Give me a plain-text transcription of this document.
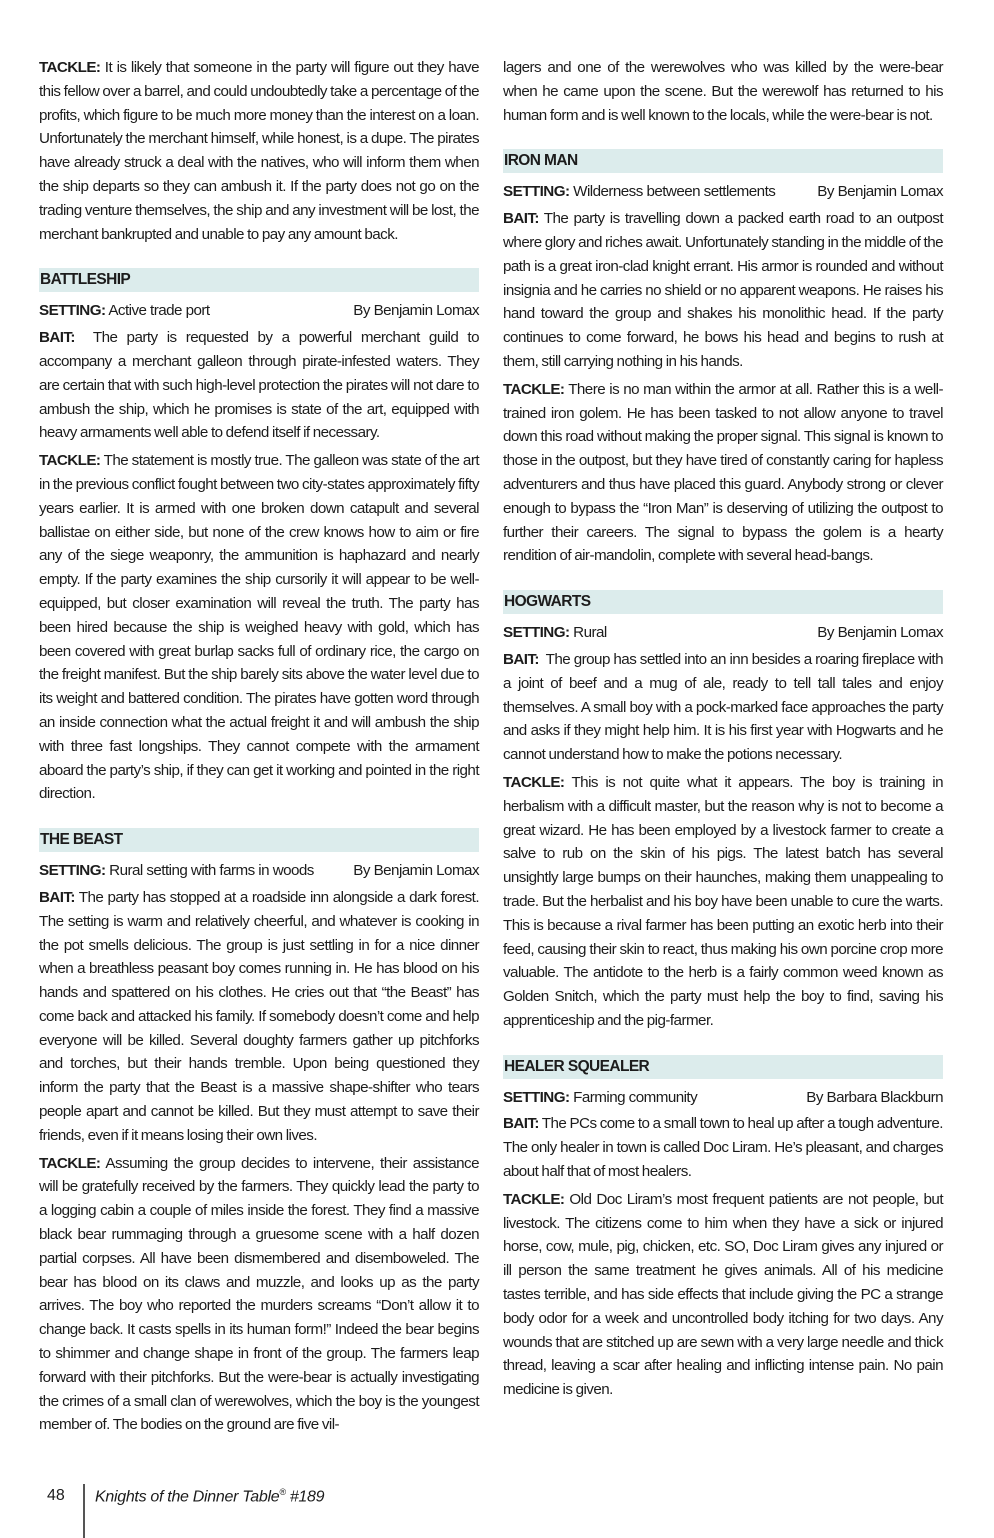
TACKLE: It is likely that someone in the party will figure out they have this fellow over a barrel, and could undoubtedly take a percentage of the profits, which figure to be much more money than the interest on a loan. Unfortunately the merchant himself, while honest, is a dupe. The pirates have already struck a deal with the natives, who will inform them when the ship departs so they can ambush it. If the party does not go on the trading venture themselves, the ship and any investment will be lost, the merchant bankrupted and unable to pay any amount back.

BATTLESHIP
SETTING: Active trade port	By Benjamin Lomax

BAIT: The party is requested by a powerful merchant guild to accompany a merchant galleon through pirate-infested waters. They are certain that with such high-level protection the pirates will not dare to ambush the ship, which he promises is state of the art, equipped with heavy armaments well able to defend itself if necessary.

TACKLE: The statement is mostly true. The galleon was state of the art in the previous conflict fought between two city-states approximately fifty years earlier. It is armed with one broken down catapult and several ballistae on either side, but none of the crew knows how to aim or fire any of the siege weaponry, the ammunition is haphazard and nearly empty. If the party examines the ship cursorily it will appear to be well-equipped, but closer examination will reveal the truth. The party has been hired because the ship is weighed heavy with gold, which has been covered with great burlap sacks full of ordinary rice, the cargo on the freight manifest. But the ship barely sits above the water level due to its weight and battered condition. The pirates have gotten word through an inside connection what the actual freight it and will ambush the ship with three fast longships. They cannot compete with the armament aboard the party’s ship, if they can get it working and pointed in the right direction.

THE BEAST
SETTING: Rural setting with farms in woods	By Benjamin Lomax

BAIT: The party has stopped at a roadside inn alongside a dark forest. The setting is warm and relatively cheerful, and whatever is cooking in the pot smells delicious. The group is just settling in for a nice dinner when a breathless peasant boy comes running in. He has blood on his hands and spattered on his clothes. He cries out that “the Beast” has come back and attacked his family. If somebody doesn’t come and help everyone will be killed. Several doughty farmers gather up pitchforks and torches, but their hands tremble. Upon being questioned they inform the party that the Beast is a massive shape-shifter who tears people apart and cannot be killed. But they must attempt to save their friends, even if it means losing their own lives.

TACKLE: Assuming the group decides to intervene, their assistance will be gratefully received by the farmers. They quickly lead the party to a logging cabin a couple of miles inside the forest. They find a massive black bear rummaging through a gruesome scene with a half dozen partial corpses. All have been dismembered and disemboweled. The bear has blood on its claws and muzzle, and looks up as the party arrives. The boy who reported the murders screams “Don’t allow it to change back. It casts spells in its human form!” Indeed the bear begins to shimmer and change shape in front of the group. The farmers leap forward with their pitchforks. But the were-bear is actually investigating the crimes of a small clan of werewolves, which the boy is the youngest member of. The bodies on the ground are five vil-

lagers and one of the werewolves who was killed by the were-bear when he came upon the scene. But the werewolf has returned to his human form and is well known to the locals, while the were-bear is not.

IRON MAN
SETTING: Wilderness between settlements	By Benjamin Lomax

BAIT: The party is travelling down a packed earth road to an outpost where glory and riches await. Unfortunately standing in the middle of the path is a great iron-clad knight errant. His armor is rounded and without insignia and he carries no shield or no apparent weapons. He raises his hand toward the group and shakes his monolithic head. If the party continues to come forward, he bows his head and begins to rush at them, still carrying nothing in his hands.

TACKLE: There is no man within the armor at all. Rather this is a well-trained iron golem. He has been tasked to not allow anyone to travel down this road without making the proper signal. This signal is known to those in the outpost, but they have tired of constantly caring for hapless adventurers and thus have placed this guard. Anybody strong or clever enough to bypass the “Iron Man” is deserving of utilizing the outpost to further their careers. The signal to bypass the golem is a hearty rendition of air-mandolin, complete with several head-bangs.

HOGWARTS
SETTING: Rural	By Benjamin Lomax

BAIT: The group has settled into an inn besides a roaring fireplace with a joint of beef and a mug of ale, ready to tell tall tales and enjoy themselves. A small boy with a pock-marked face approaches the party and asks if they might help him. It is his first year with Hogwarts and he cannot understand how to make the potions necessary.

TACKLE: This is not quite what it appears. The boy is training in herbalism with a difficult master, but the reason why is not to become a great wizard. He has been employed by a livestock farmer to create a salve to rub on the skin of his pigs. The latest batch has several unsightly large bumps on their haunches, making them unappealing to trade. But the herbalist and his boy have been unable to cure the warts. This is because a rival farmer has been putting an exotic herb into their feed, causing their skin to react, thus making his own porcine crop more valuable. The antidote to the herb is a fairly common weed known as Golden Snitch, which the party must help the boy to find, saving his apprenticeship and the pig-farmer.

HEALER SQUEALER
SETTING: Farming community	By Barbara Blackburn

BAIT: The PCs come to a small town to heal up after a tough adventure. The only healer in town is called Doc Liram. He’s pleasant, and charges about half that of most healers.

TACKLE: Old Doc Liram’s most frequent patients are not people, but livestock. The citizens come to him when they have a sick or injured horse, cow, mule, pig, chicken, etc. SO, Doc Liram gives any injured or ill person the same treatment he gives animals. All of his medicine tastes terrible, and has side effects that include giving the PC a strange body odor for a week and uncontrolled body itching for two days. Any wounds that are stitched up are sewn with a very large needle and thick thread, leaving a scar after healing and inflicting intense pain. No pain medicine is given.

48 Knights of the Dinner Table® #189
